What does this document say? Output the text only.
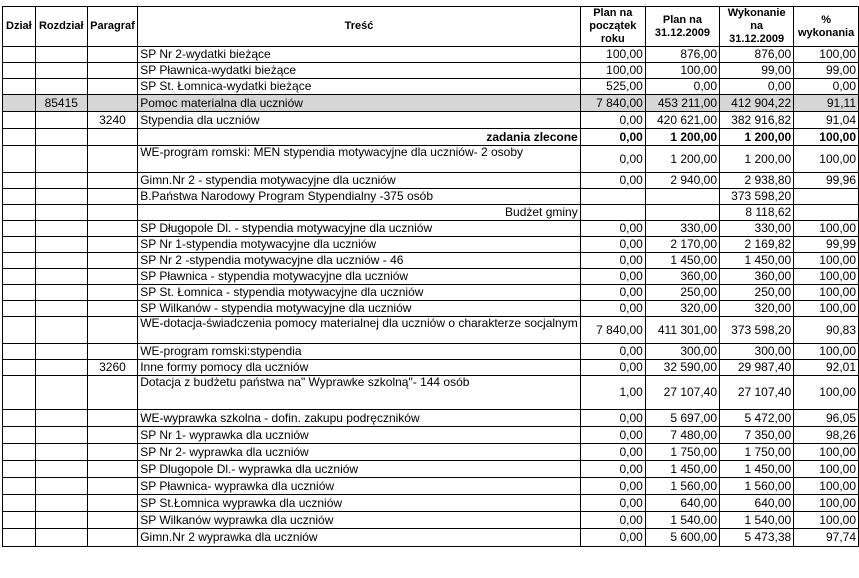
Dział	Rozdział	Paragraf	Treść	Plan na początek roku	Plan na 31.12.2009	Wykonanie na 31.12.2009	% wykonania
			SP Nr 2-wydatki bieżące	100,00	876,00	876,00	100,00
			SP Pławnica-wydatki bieżące	100,00	100,00	99,00	99,00
			SP St. Łomnica-wydatki bieżące	525,00	0,00	0,00	0,00
	85415		Pomoc materialna dla uczniów	7 840,00	453 211,00	412 904,22	91,11
		3240	Stypendia dla uczniów	0,00	420 621,00	382 916,82	91,04
			zadania zlecone	0,00	1 200,00	1 200,00	100,00
			WE-program romski: MEN stypendia motywacyjne dla uczniów- 2 osoby	0,00	1 200,00	1 200,00	100,00
			Gimn.Nr 2 - stypendia motywacyjne dla uczniów	0,00	2 940,00	2 938,80	99,96
			B.Państwa Narodowy Program Stypendialny -375 osób			373 598,20	
			Budżet gminy			8 118,62	
			SP Długopole Dl. - stypendia motywacyjne dla uczniów	0,00	330,00	330,00	100,00
			SP Nr 1-stypendia motywacyjne dla uczniów	0,00	2 170,00	2 169,82	99,99
			SP Nr 2 -stypendia motywacyjne dla uczniów - 46	0,00	1 450,00	1 450,00	100,00
			SP Pławnica - stypendia motywacyjne dla uczniów	0,00	360,00	360,00	100,00
			SP St. Łomnica - stypendia motywacyjne dla uczniów	0,00	250,00	250,00	100,00
			SP Wilkanów - stypendia motywacyjne dla uczniów	0,00	320,00	320,00	100,00
			WE-dotacja-świadczenia pomocy materialnej dla uczniów o charakterze socjalnym	7 840,00	411 301,00	373 598,20	90,83
			WE-program romski:stypendia	0,00	300,00	300,00	100,00
		3260	Inne formy pomocy dla uczniów	0,00	32 590,00	29 987,40	92,01
			Dotacja z budżetu państwa na" Wyprawke szkolną"- 144 osób	1,00	27 107,40	27 107,40	100,00
			WE-wyprawka szkolna - dofin. zakupu podręczników	0,00	5 697,00	5 472,00	96,05
			SP Nr 1- wyprawka dla uczniów	0,00	7 480,00	7 350,00	98,26
			SP Nr 2- wyprawka dla uczniów	0,00	1 750,00	1 750,00	100,00
			SP Dlugopole Dl.- wyprawka dla uczniów	0,00	1 450,00	1 450,00	100,00
			SP Pławnica- wyprawka dla uczniów	0,00	1 560,00	1 560,00	100,00
			SP St.Łomnica wyprawka dla uczniów	0,00	640,00	640,00	100,00
			SP Wilkanów wyprawka dla uczniów	0,00	1 540,00	1 540,00	100,00
			Gimn.Nr 2 wyprawka dla uczniów	0,00	5 600,00	5 473,38	97,74
